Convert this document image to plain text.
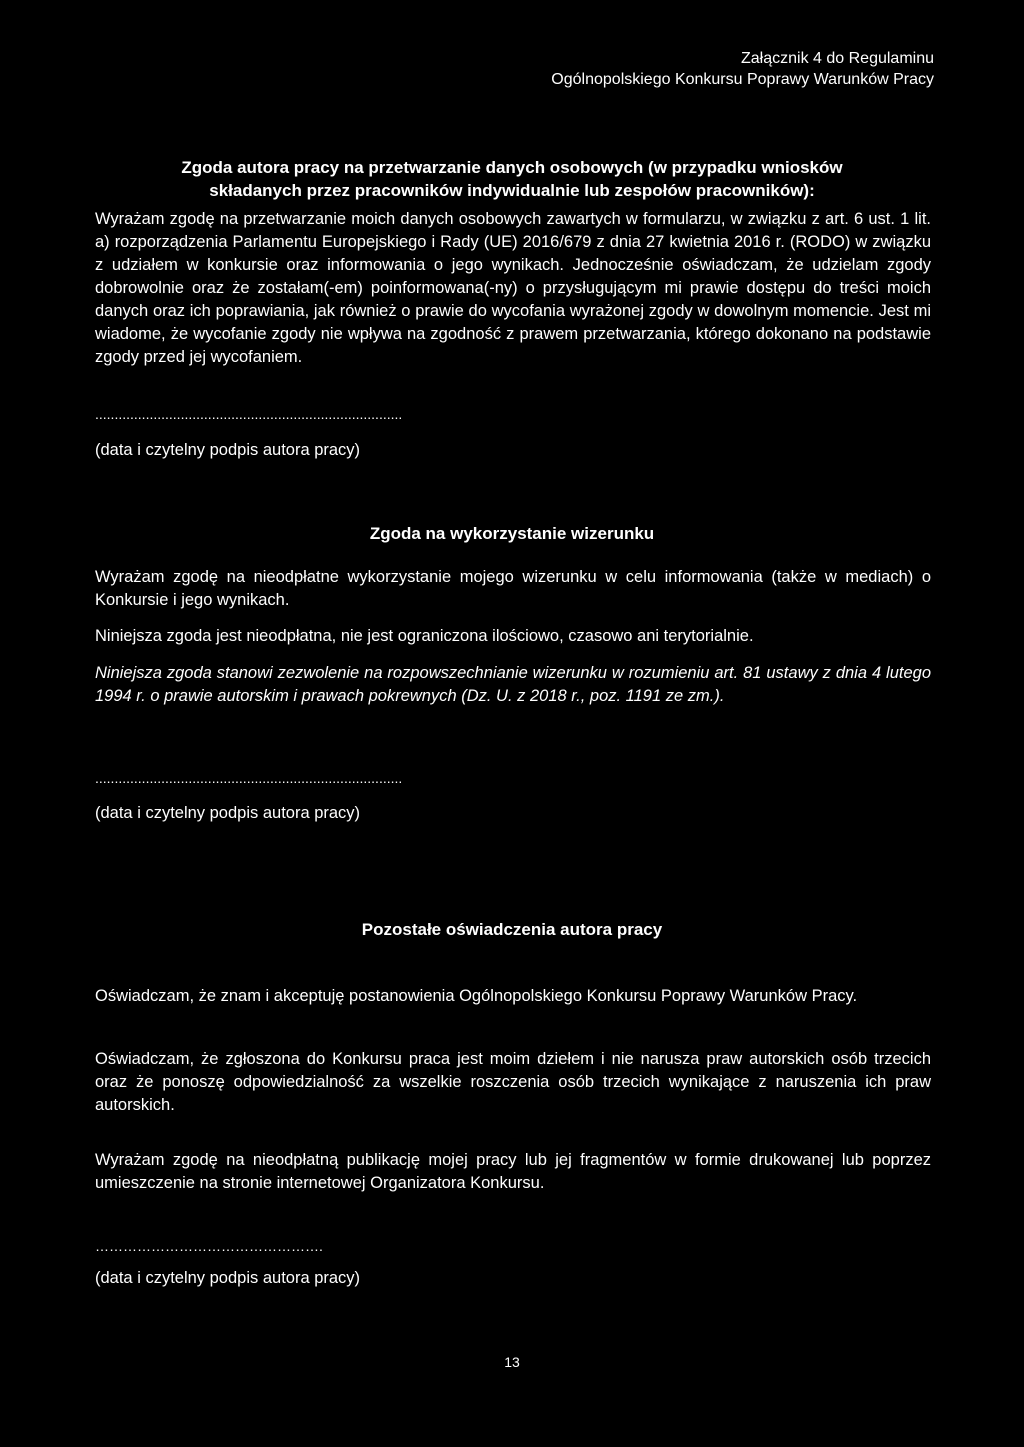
Załącznik 4 do Regulaminu
Ogólnopolskiego Konkursu Poprawy Warunków Pracy
Zgoda autora pracy na przetwarzanie danych osobowych (w przypadku wniosków
składanych przez pracowników indywidualnie lub zespołów pracowników):
Wyrażam zgodę na przetwarzanie moich danych osobowych zawartych w formularzu, w związku z art. 6 ust. 1 lit. a) rozporządzenia Parlamentu Europejskiego i Rady (UE) 2016/679 z dnia 27 kwietnia 2016 r. (RODO) w związku z udziałem w konkursie oraz informowania o jego wynikach. Jednocześnie oświadczam, że udzielam zgody dobrowolnie oraz że zostałam(-em) poinformowana(-ny) o przysługującym mi prawie dostępu do treści moich danych oraz ich poprawiania, jak również o prawie do wycofania wyrażonej zgody w dowolnym momencie. Jest mi wiadome, że wycofanie zgody nie wpływa na zgodność z prawem przetwarzania, którego dokonano na podstawie zgody przed jej wycofaniem.
...............................................................................
(data i czytelny podpis autora pracy)
Zgoda na wykorzystanie wizerunku
Wyrażam zgodę na nieodpłatne wykorzystanie mojego wizerunku w celu informowania (także w mediach) o Konkursie i jego wynikach.
Niniejsza zgoda jest nieodpłatna, nie jest ograniczona ilościowo, czasowo ani terytorialnie.
Niniejsza zgoda stanowi zezwolenie na rozpowszechnianie wizerunku w rozumieniu art. 81 ustawy z dnia 4 lutego 1994 r. o prawie autorskim i prawach pokrewnych (Dz. U. z 2018 r., poz. 1191 ze zm.).
...............................................................................
(data i czytelny podpis autora pracy)
Pozostałe oświadczenia autora pracy
Oświadczam, że znam i akceptuję postanowienia Ogólnopolskiego Konkursu Poprawy Warunków Pracy.
Oświadczam, że zgłoszona do Konkursu praca jest moim dziełem i nie narusza praw autorskich osób trzecich oraz że ponoszę odpowiedzialność za wszelkie roszczenia osób trzecich wynikające z naruszenia ich praw autorskich.
Wyrażam zgodę na nieodpłatną publikację mojej pracy lub jej fragmentów w formie drukowanej lub poprzez umieszczenie na stronie internetowej Organizatora Konkursu.
………………………………………….
(data i czytelny podpis autora pracy)
13
